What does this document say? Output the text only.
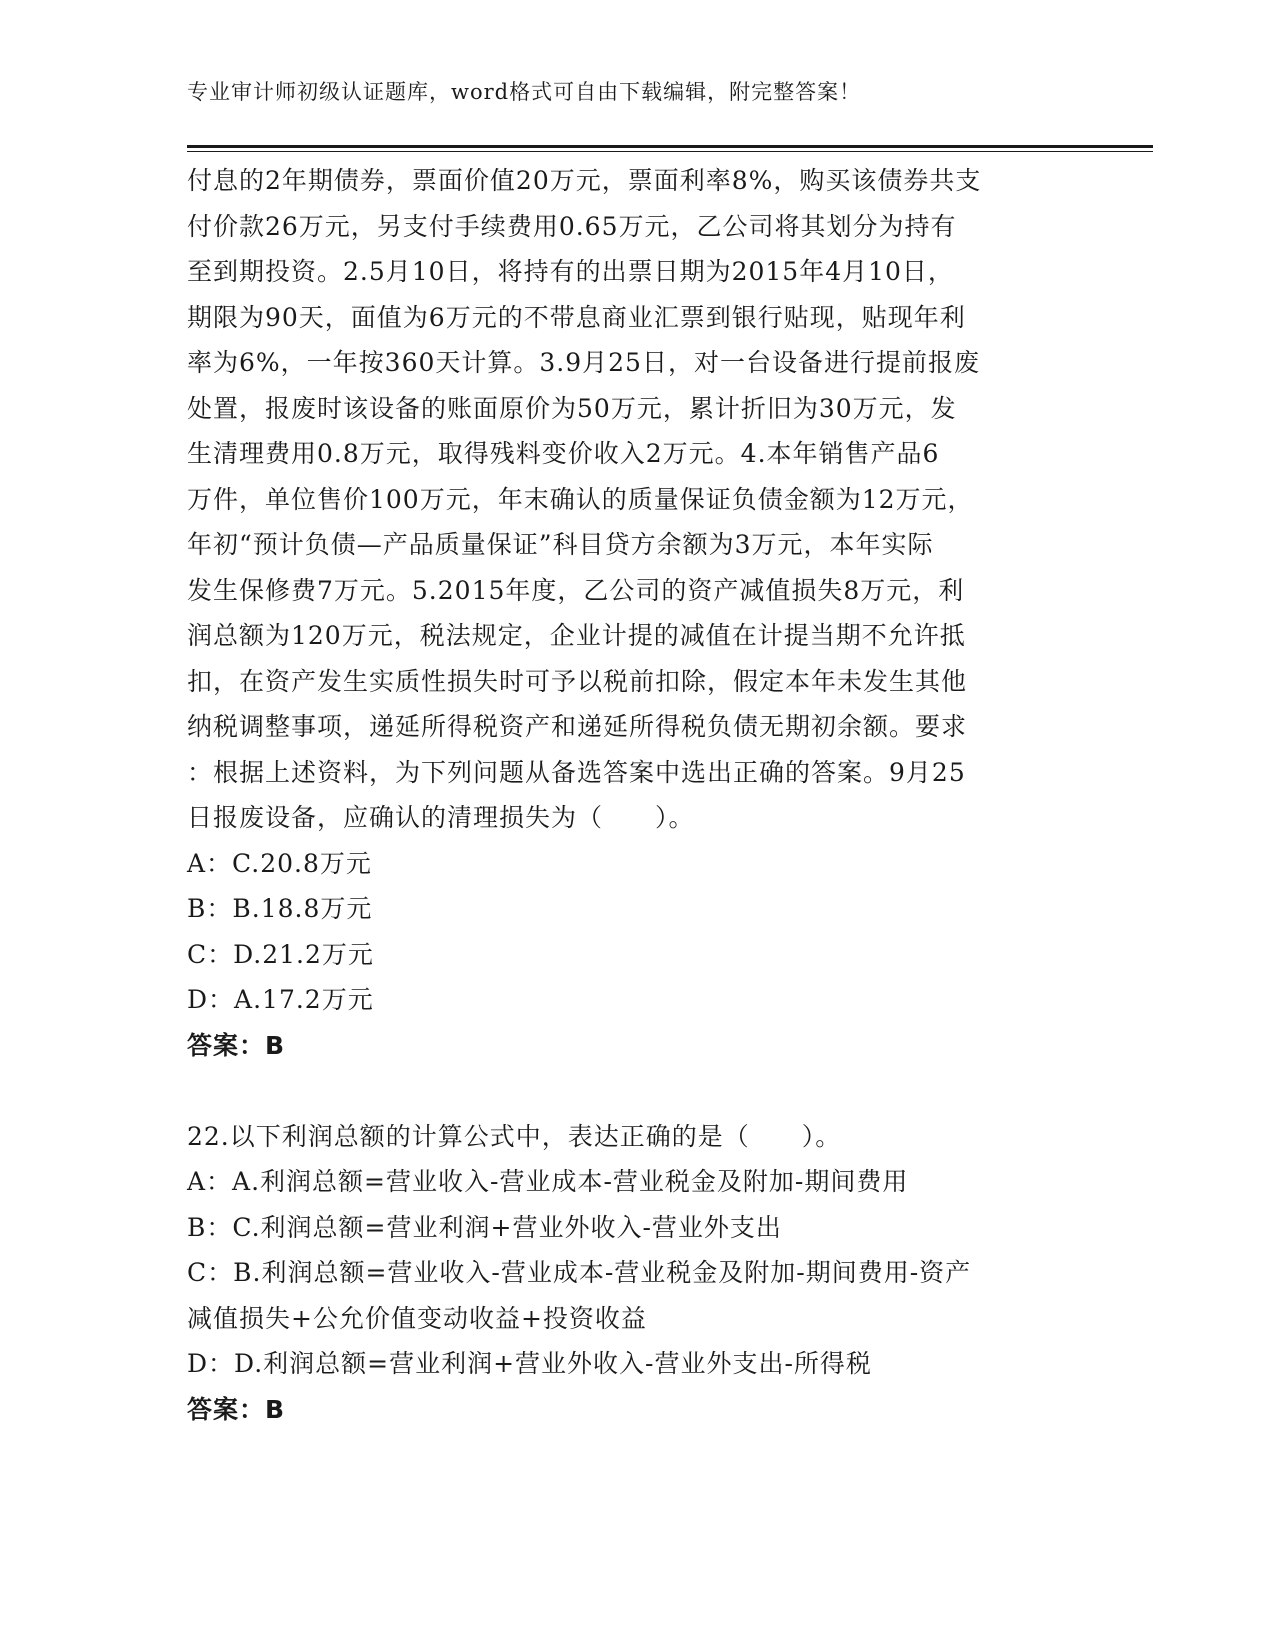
专业审计师初级认证题库，word格式可自由下载编辑，附完整答案！
付息的2年期债券，票面价值20万元，票面利率8%，购买该债券共支
付价款26万元，另支付手续费用0.65万元，乙公司将其划分为持有
至到期投资。2.5月10日，将持有的出票日期为2015年4月10日，
期限为90天，面值为6万元的不带息商业汇票到银行贴现，贴现年利
率为6%，一年按360天计算。3.9月25日，对一台设备进行提前报废
处置，报废时该设备的账面原价为50万元，累计折旧为30万元，发
生清理费用0.8万元，取得残料变价收入2万元。4.本年销售产品6
万件，单位售价100万元，年末确认的质量保证负债金额为12万元，
年初“预计负债—产品质量保证”科目贷方余额为3万元，本年实际
发生保修费7万元。5.2015年度，乙公司的资产减值损失8万元，利
润总额为120万元，税法规定，企业计提的减值在计提当期不允许抵
扣，在资产发生实质性损失时可予以税前扣除，假定本年未发生其他
纳税调整事项，递延所得税资产和递延所得税负债无期初余额。要求
：根据上述资料，为下列问题从备选答案中选出正确的答案。9月25
日报废设备，应确认的清理损失为（　　）。
A：C.20.8万元
B：B.18.8万元
C：D.21.2万元
D：A.17.2万元
答案：B
22.以下利润总额的计算公式中，表达正确的是（　　）。
A：A.利润总额=营业收入-营业成本-营业税金及附加-期间费用
B：C.利润总额=营业利润+营业外收入-营业外支出
C：B.利润总额=营业收入-营业成本-营业税金及附加-期间费用-资产
减值损失+公允价值变动收益+投资收益
D：D.利润总额=营业利润+营业外收入-营业外支出-所得税
答案：B
